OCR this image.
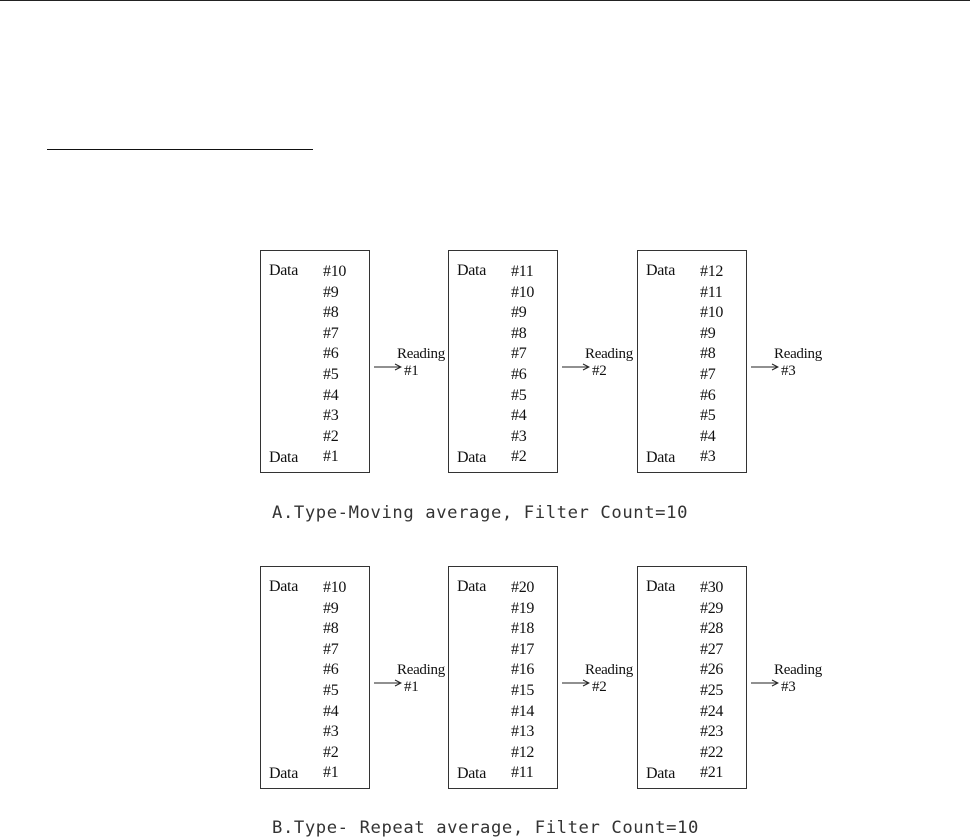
Data
Data
#10
#9
#8
#7
#6
#5
#4
#3
#2
#1
Reading
#1
Data
Data
#11
#10
#9
#8
#7
#6
#5
#4
#3
#2
Reading
#2
Data
Data
#12
#11
#10
#9
#8
#7
#6
#5
#4
#3
Reading
#3
A.Type-Moving average, Filter Count=10
Data
Data
#10
#9
#8
#7
#6
#5
#4
#3
#2
#1
Reading
#1
Data
Data
#20
#19
#18
#17
#16
#15
#14
#13
#12
#11
Reading
#2
Data
Data
#30
#29
#28
#27
#26
#25
#24
#23
#22
#21
Reading
#3
B.Type- Repeat average, Filter Count=10
